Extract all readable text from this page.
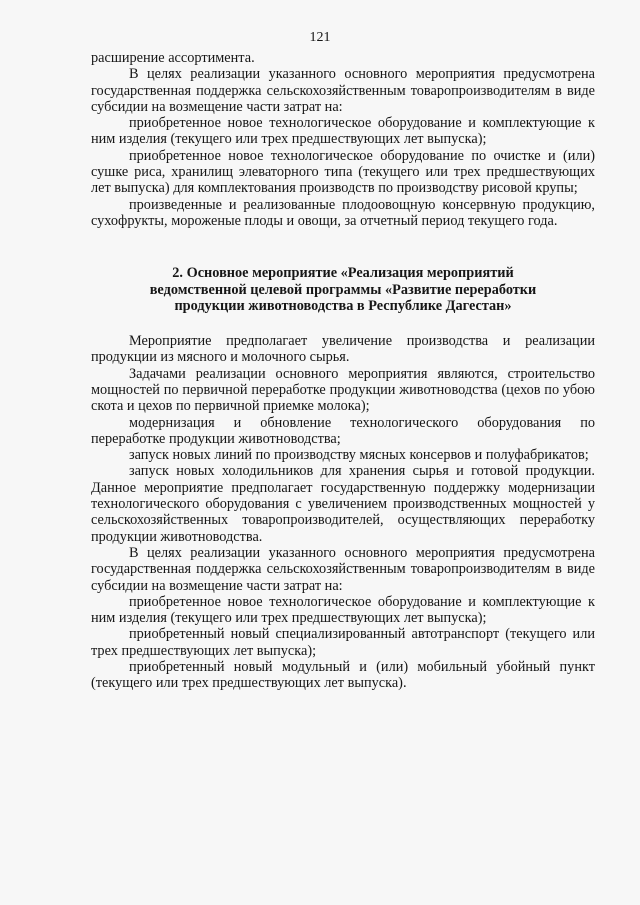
121

расширение ассортимента.

В целях реализации указанного основного мероприятия предусмотрена государственная поддержка сельскохозяйственным товаропроизводителям в виде субсидии на возмещение части затрат на:

приобретенное новое технологическое оборудование и комплектующие к ним изделия (текущего или трех предшествующих лет выпуска);

приобретенное новое технологическое оборудование по очистке и (или) сушке риса, хранилищ элеваторного типа (текущего или трех предшествующих лет выпуска) для комплектования производств по производству рисовой крупы;

произведенные и реализованные плодоовощную консервную продукцию, сухофрукты, мороженые плоды и овощи, за отчетный период текущего года.

2. Основное мероприятие «Реализация мероприятий
ведомственной целевой программы «Развитие переработки
продукции животноводства в Республике Дагестан»

Мероприятие предполагает увеличение производства и реализации продукции из мясного и молочного сырья.

Задачами реализации основного мероприятия являются, строительство мощностей по первичной переработке продукции животноводства (цехов по убою скота и цехов по первичной приемке молока);

модернизация и обновление технологического оборудования по переработке продукции животноводства;

запуск новых линий по производству мясных консервов и полуфабрикатов;

запуск новых холодильников для хранения сырья и готовой продукции. Данное мероприятие предполагает государственную поддержку модернизации технологического оборудования с увеличением производственных мощностей у сельскохозяйственных товаропроизводителей, осуществляющих переработку продукции животноводства.

В целях реализации указанного основного мероприятия предусмотрена государственная поддержка сельскохозяйственным товаропроизводителям в виде субсидии на возмещение части затрат на:

приобретенное новое технологическое оборудование и комплектующие к ним изделия (текущего или трех предшествующих лет выпуска);

приобретенный новый специализированный автотранспорт (текущего или трех предшествующих лет выпуска);

приобретенный новый модульный и (или) мобильный убойный пункт (текущего или трех предшествующих лет выпуска).
